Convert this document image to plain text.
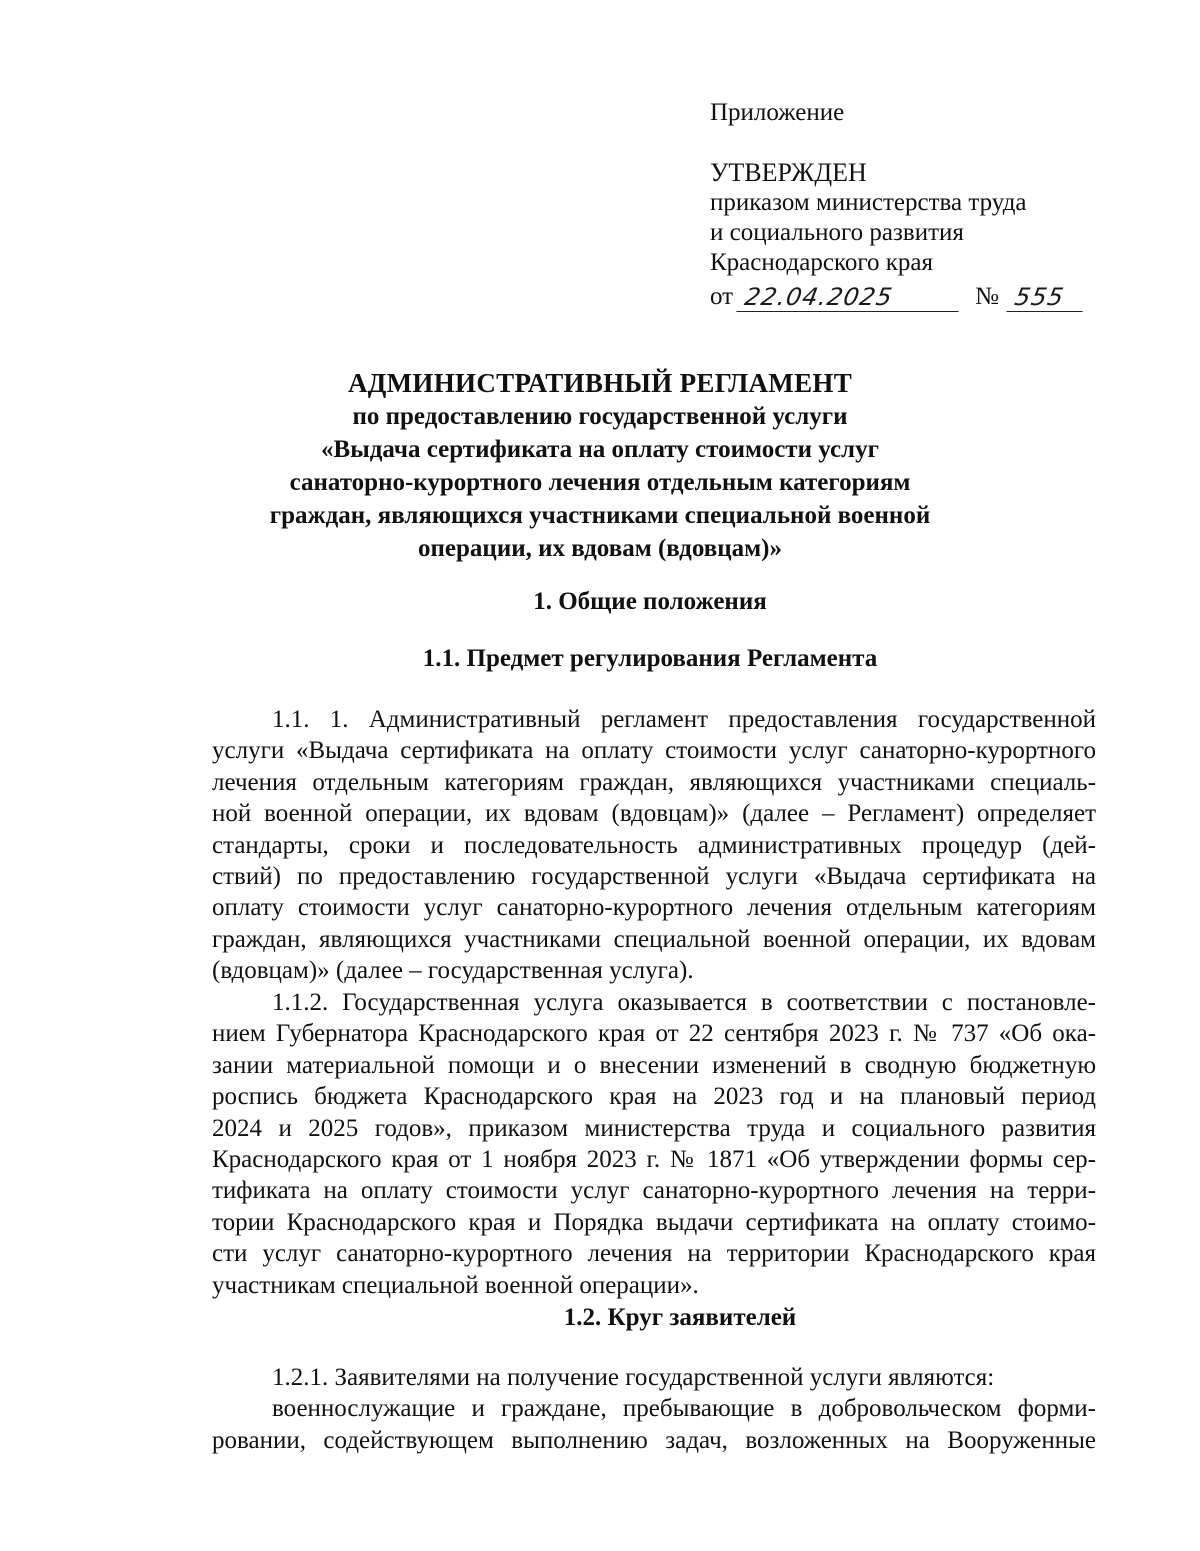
Приложение
УТВЕРЖДЕН
приказом министерства труда
и социального развития
Краснодарского края
от 22.04.2025	№ 555
АДМИНИСТРАТИВНЫЙ РЕГЛАМЕНТ
по предоставлению государственной услуги
«Выдача сертификата на оплату стоимости услуг
санаторно-курортного лечения отдельным категориям
граждан, являющихся участниками специальной военной
операции, их вдовам (вдовцам)»
1. Общие положения
1.1. Предмет регулирования Регламента
1.1. 1. Административный регламент предоставления государственной
услуги «Выдача сертификата на оплату стоимости услуг санаторно-курортного
лечения отдельным категориям граждан, являющихся участниками специаль-
ной военной операции, их вдовам (вдовцам)» (далее – Регламент) определяет
стандарты, сроки и последовательность административных процедур (дей-
ствий) по предоставлению государственной услуги «Выдача сертификата на
оплату стоимости услуг санаторно-курортного лечения отдельным категориям
граждан, являющихся участниками специальной военной операции, их вдовам
(вдовцам)» (далее – государственная услуга).
1.1.2. Государственная услуга оказывается в соответствии с постановле-
нием Губернатора Краснодарского края от 22 сентября 2023 г. № 737 «Об ока-
зании материальной помощи и о внесении изменений в сводную бюджетную
роспись бюджета Краснодарского края на 2023 год и на плановый период
2024 и 2025 годов», приказом министерства труда и социального развития
Краснодарского края от 1 ноября 2023 г. № 1871 «Об утверждении формы сер-
тификата на оплату стоимости услуг санаторно-курортного лечения на терри-
тории Краснодарского края и Порядка выдачи сертификата на оплату стоимо-
сти услуг санаторно-курортного лечения на территории Краснодарского края
участникам специальной военной операции».
1.2. Круг заявителей
1.2.1. Заявителями на получение государственной услуги являются:
военнослужащие и граждане, пребывающие в добровольческом форми-
ровании, содействующем выполнению задач, возложенных на Вооруженные
